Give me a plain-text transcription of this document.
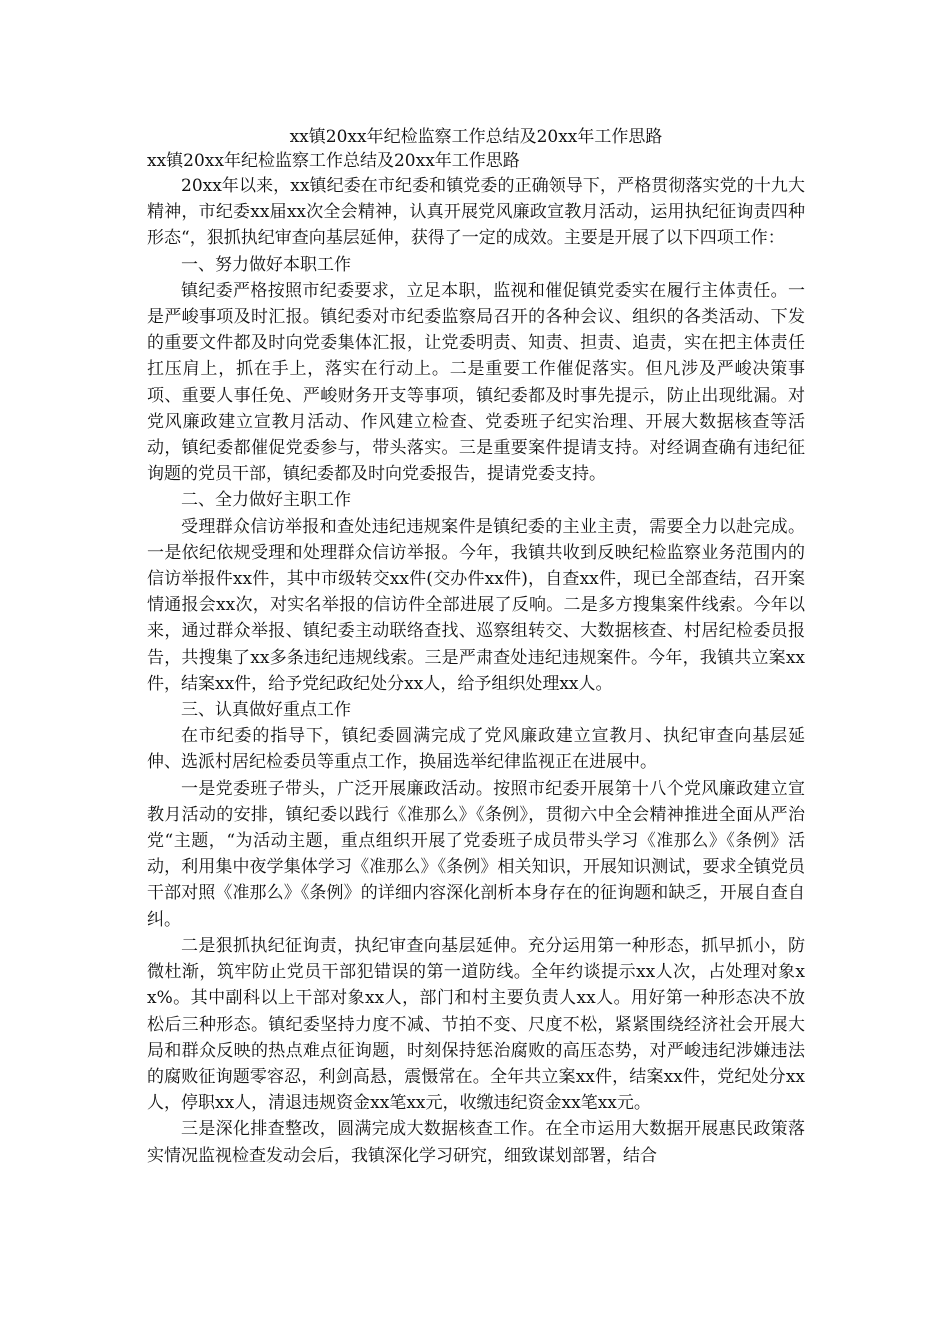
xx镇20xx年纪检监察工作总结及20xx年工作思路

xx镇20xx年纪检监察工作总结及20xx年工作思路

20xx年以来，xx镇纪委在市纪委和镇党委的正确领导下，严格贯彻落实党的十九大精神，市纪委xx届xx次全会精神，认真开展党风廉政宣教月活动，运用执纪征询责四种形态“，狠抓执纪审查向基层延伸，获得了一定的成效。主要是开展了以下四项工作：

一、努力做好本职工作

镇纪委严格按照市纪委要求，立足本职，监视和催促镇党委实在履行主体责任。一是严峻事项及时汇报。镇纪委对市纪委监察局召开的各种会议、组织的各类活动、下发的重要文件都及时向党委集体汇报，让党委明责、知责、担责、追责，实在把主体责任扛压肩上，抓在手上，落实在行动上。二是重要工作催促落实。但凡涉及严峻决策事项、重要人事任免、严峻财务开支等事项，镇纪委都及时事先提示，防止出现纰漏。对党风廉政建立宣教月活动、作风建立检查、党委班子纪实治理、开展大数据核查等活动，镇纪委都催促党委参与，带头落实。三是重要案件提请支持。对经调查确有违纪征询题的党员干部，镇纪委都及时向党委报告，提请党委支持。

二、全力做好主职工作

受理群众信访举报和查处违纪违规案件是镇纪委的主业主责，需要全力以赴完成。一是依纪依规受理和处理群众信访举报。今年，我镇共收到反映纪检监察业务范围内的信访举报件xx件，其中市级转交xx件(交办件xx件)，自查xx件，现已全部查结，召开案情通报会xx次，对实名举报的信访件全部进展了反响。二是多方搜集案件线索。今年以来，通过群众举报、镇纪委主动联络查找、巡察组转交、大数据核查、村居纪检委员报告，共搜集了xx多条违纪违规线索。三是严肃查处违纪违规案件。今年，我镇共立案xx件，结案xx件，给予党纪政纪处分xx人，给予组织处理xx人。

三、认真做好重点工作

在市纪委的指导下，镇纪委圆满完成了党风廉政建立宣教月、执纪审查向基层延伸、选派村居纪检委员等重点工作，换届选举纪律监视正在进展中。

一是党委班子带头，广泛开展廉政活动。按照市纪委开展第十八个党风廉政建立宣教月活动的安排，镇纪委以践行《准那么》《条例》，贯彻六中全会精神推进全面从严治党“主题，“为活动主题，重点组织开展了党委班子成员带头学习《准那么》《条例》活动，利用集中夜学集体学习《准那么》《条例》相关知识，开展知识测试，要求全镇党员干部对照《准那么》《条例》的详细内容深化剖析本身存在的征询题和缺乏，开展自查自纠。

二是狠抓执纪征询责，执纪审查向基层延伸。充分运用第一种形态，抓早抓小，防微杜渐，筑牢防止党员干部犯错误的第一道防线。全年约谈提示xx人次，占处理对象xx%。其中副科以上干部对象xx人，部门和村主要负责人xx人。用好第一种形态决不放松后三种形态。镇纪委坚持力度不减、节拍不变、尺度不松，紧紧围绕经济社会开展大局和群众反映的热点难点征询题，时刻保持惩治腐败的高压态势，对严峻违纪涉嫌违法的腐败征询题零容忍，利剑高悬，震慑常在。全年共立案xx件，结案xx件，党纪处分xx人，停职xx人，清退违规资金xx笔xx元，收缴违纪资金xx笔xx元。

三是深化排查整改，圆满完成大数据核查工作。在全市运用大数据开展惠民政策落实情况监视检查发动会后，我镇深化学习研究，细致谋划部署，结合
